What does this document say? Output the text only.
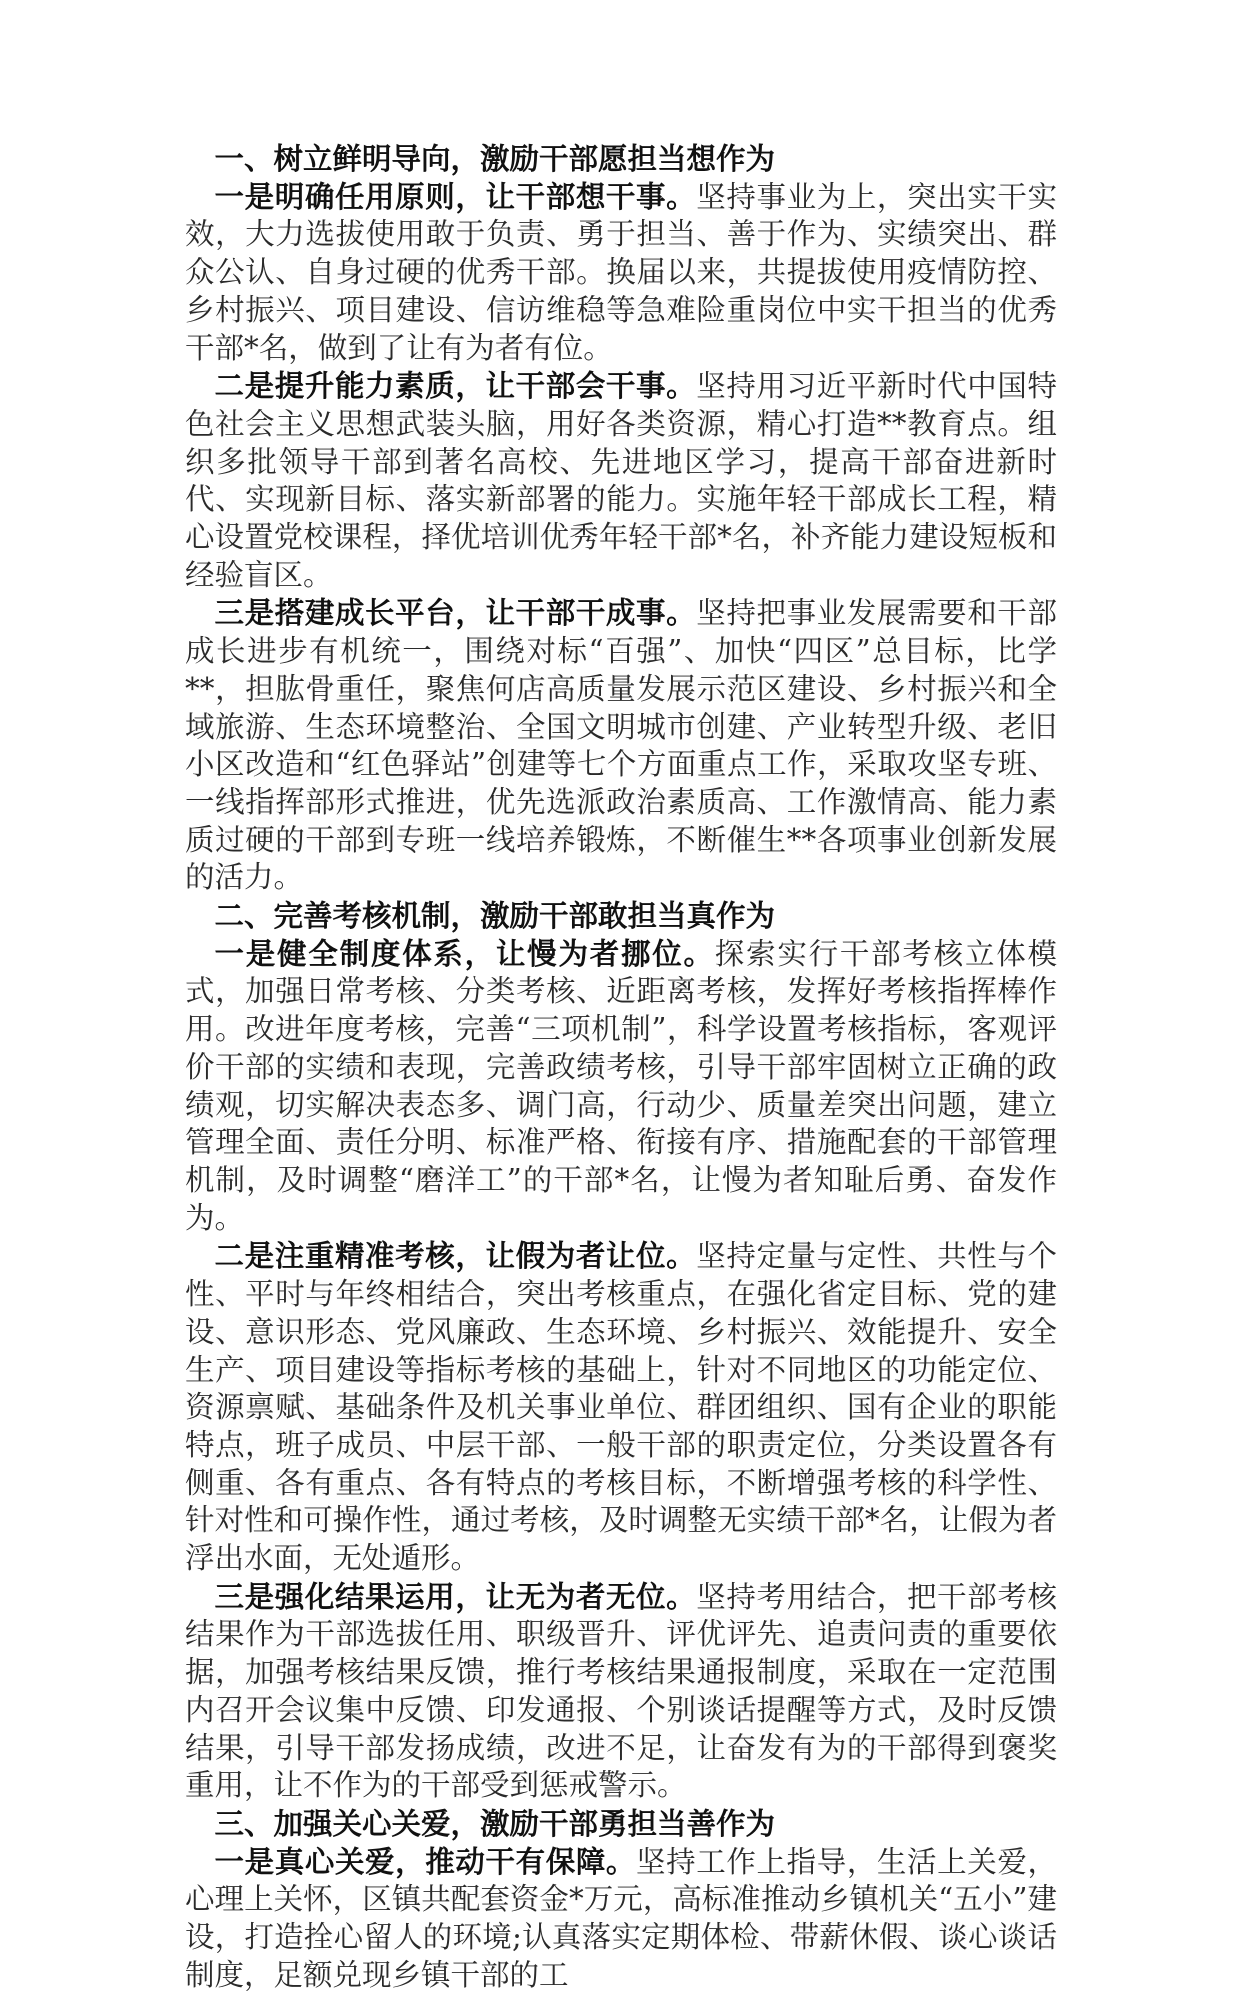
一、树立鲜明导向，激励干部愿担当想作为

一是明确任用原则，让干部想干事。坚持事业为上，突出实干实效，大力选拔使用敢于负责、勇于担当、善于作为、实绩突出、群众公认、自身过硬的优秀干部。换届以来，共提拔使用疫情防控、乡村振兴、项目建设、信访维稳等急难险重岗位中实干担当的优秀干部*名，做到了让有为者有位。

二是提升能力素质，让干部会干事。坚持用习近平新时代中国特色社会主义思想武装头脑，用好各类资源，精心打造**教育点。组织多批领导干部到著名高校、先进地区学习，提高干部奋进新时代、实现新目标、落实新部署的能力。实施年轻干部成长工程，精心设置党校课程，择优培训优秀年轻干部*名，补齐能力建设短板和经验盲区。

三是搭建成长平台，让干部干成事。坚持把事业发展需要和干部成长进步有机统一，围绕对标“百强”、加快“四区”总目标，比学**，担肱骨重任，聚焦何店高质量发展示范区建设、乡村振兴和全域旅游、生态环境整治、全国文明城市创建、产业转型升级、老旧小区改造和“红色驿站”创建等七个方面重点工作，采取攻坚专班、一线指挥部形式推进，优先选派政治素质高、工作激情高、能力素质过硬的干部到专班一线培养锻炼，不断催生**各项事业创新发展的活力。

二、完善考核机制，激励干部敢担当真作为

一是健全制度体系，让慢为者挪位。探索实行干部考核立体模式，加强日常考核、分类考核、近距离考核，发挥好考核指挥棒作用。改进年度考核，完善“三项机制”，科学设置考核指标，客观评价干部的实绩和表现，完善政绩考核，引导干部牢固树立正确的政绩观，切实解决表态多、调门高，行动少、质量差突出问题，建立管理全面、责任分明、标准严格、衔接有序、措施配套的干部管理机制，及时调整“磨洋工”的干部*名，让慢为者知耻后勇、奋发作为。

二是注重精准考核，让假为者让位。坚持定量与定性、共性与个性、平时与年终相结合，突出考核重点，在强化省定目标、党的建设、意识形态、党风廉政、生态环境、乡村振兴、效能提升、安全生产、项目建设等指标考核的基础上，针对不同地区的功能定位、资源禀赋、基础条件及机关事业单位、群团组织、国有企业的职能特点，班子成员、中层干部、一般干部的职责定位，分类设置各有侧重、各有重点、各有特点的考核目标，不断增强考核的科学性、针对性和可操作性，通过考核，及时调整无实绩干部*名，让假为者浮出水面，无处遁形。

三是强化结果运用，让无为者无位。坚持考用结合，把干部考核结果作为干部选拔任用、职级晋升、评优评先、追责问责的重要依据，加强考核结果反馈，推行考核结果通报制度，采取在一定范围内召开会议集中反馈、印发通报、个别谈话提醒等方式，及时反馈结果，引导干部发扬成绩，改进不足，让奋发有为的干部得到褒奖重用，让不作为的干部受到惩戒警示。

三、加强关心关爱，激励干部勇担当善作为

一是真心关爱，推动干有保障。坚持工作上指导，生活上关爱，心理上关怀，区镇共配套资金*万元，高标准推动乡镇机关“五小”建设，打造拴心留人的环境;认真落实定期体检、带薪休假、谈心谈话制度，足额兑现乡镇干部的工
